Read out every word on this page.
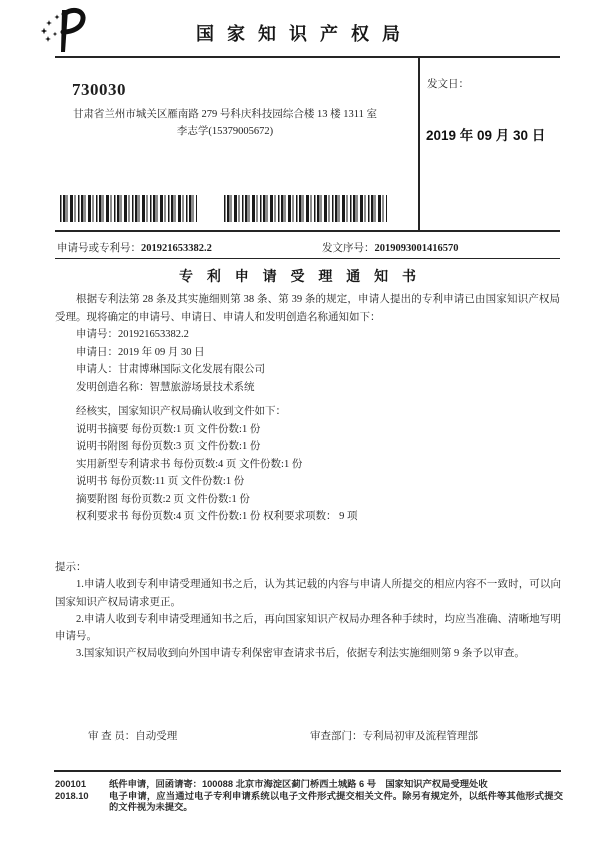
国 家 知 识 产 权 局
730030
甘肃省兰州市城关区雁南路 279 号科庆科技园综合楼 13 楼 1311 室
李志学(15379005672)
发文日：
2019 年 09 月 30 日
申请号或专利号：201921653382.2	发文序号：2019093001416570
专 利 申 请 受 理 通 知 书

根据专利法第 28 条及其实施细则第 38 条、第 39 条的规定，申请人提出的专利申请已由国家知识产权局受理。现将确定的申请号、申请日、申请人和发明创造名称通知如下：

申请号：201921653382.2
申请日：2019 年 09 月 30 日
申请人：甘肃博琳国际文化发展有限公司
发明创造名称：智慧旅游场景技术系统
经核实，国家知识产权局确认收到文件如下：
说明书摘要 每份页数:1 页 文件份数:1 份
说明书附图 每份页数:3 页 文件份数:1 份
实用新型专利请求书 每份页数:4 页 文件份数:1 份
说明书 每份页数:11 页 文件份数:1 份
摘要附图 每份页数:2 页 文件份数:1 份
权利要求书 每份页数:4 页 文件份数:1 份 权利要求项数： 9 项

提示：

1.申请人收到专利申请受理通知书之后，认为其记载的内容与申请人所提交的相应内容不一致时，可以向国家知识产权局请求更正。

2.申请人收到专利申请受理通知书之后，再向国家知识产权局办理各种手续时，均应当准确、清晰地写明申请号。

3.国家知识产权局收到向外国申请专利保密审查请求书后，依据专利法实施细则第 9 条予以审查。

审 查 员：自动受理	审查部门：专利局初审及流程管理部
200101	纸件申请，回函请寄：100088 北京市海淀区蓟门桥西土城路 6 号　国家知识产权局受理处收
2018.10	电子申请，应当通过电子专利申请系统以电子文件形式提交相关文件。除另有规定外，以纸件等其他形式提交的文件视为未提交。
